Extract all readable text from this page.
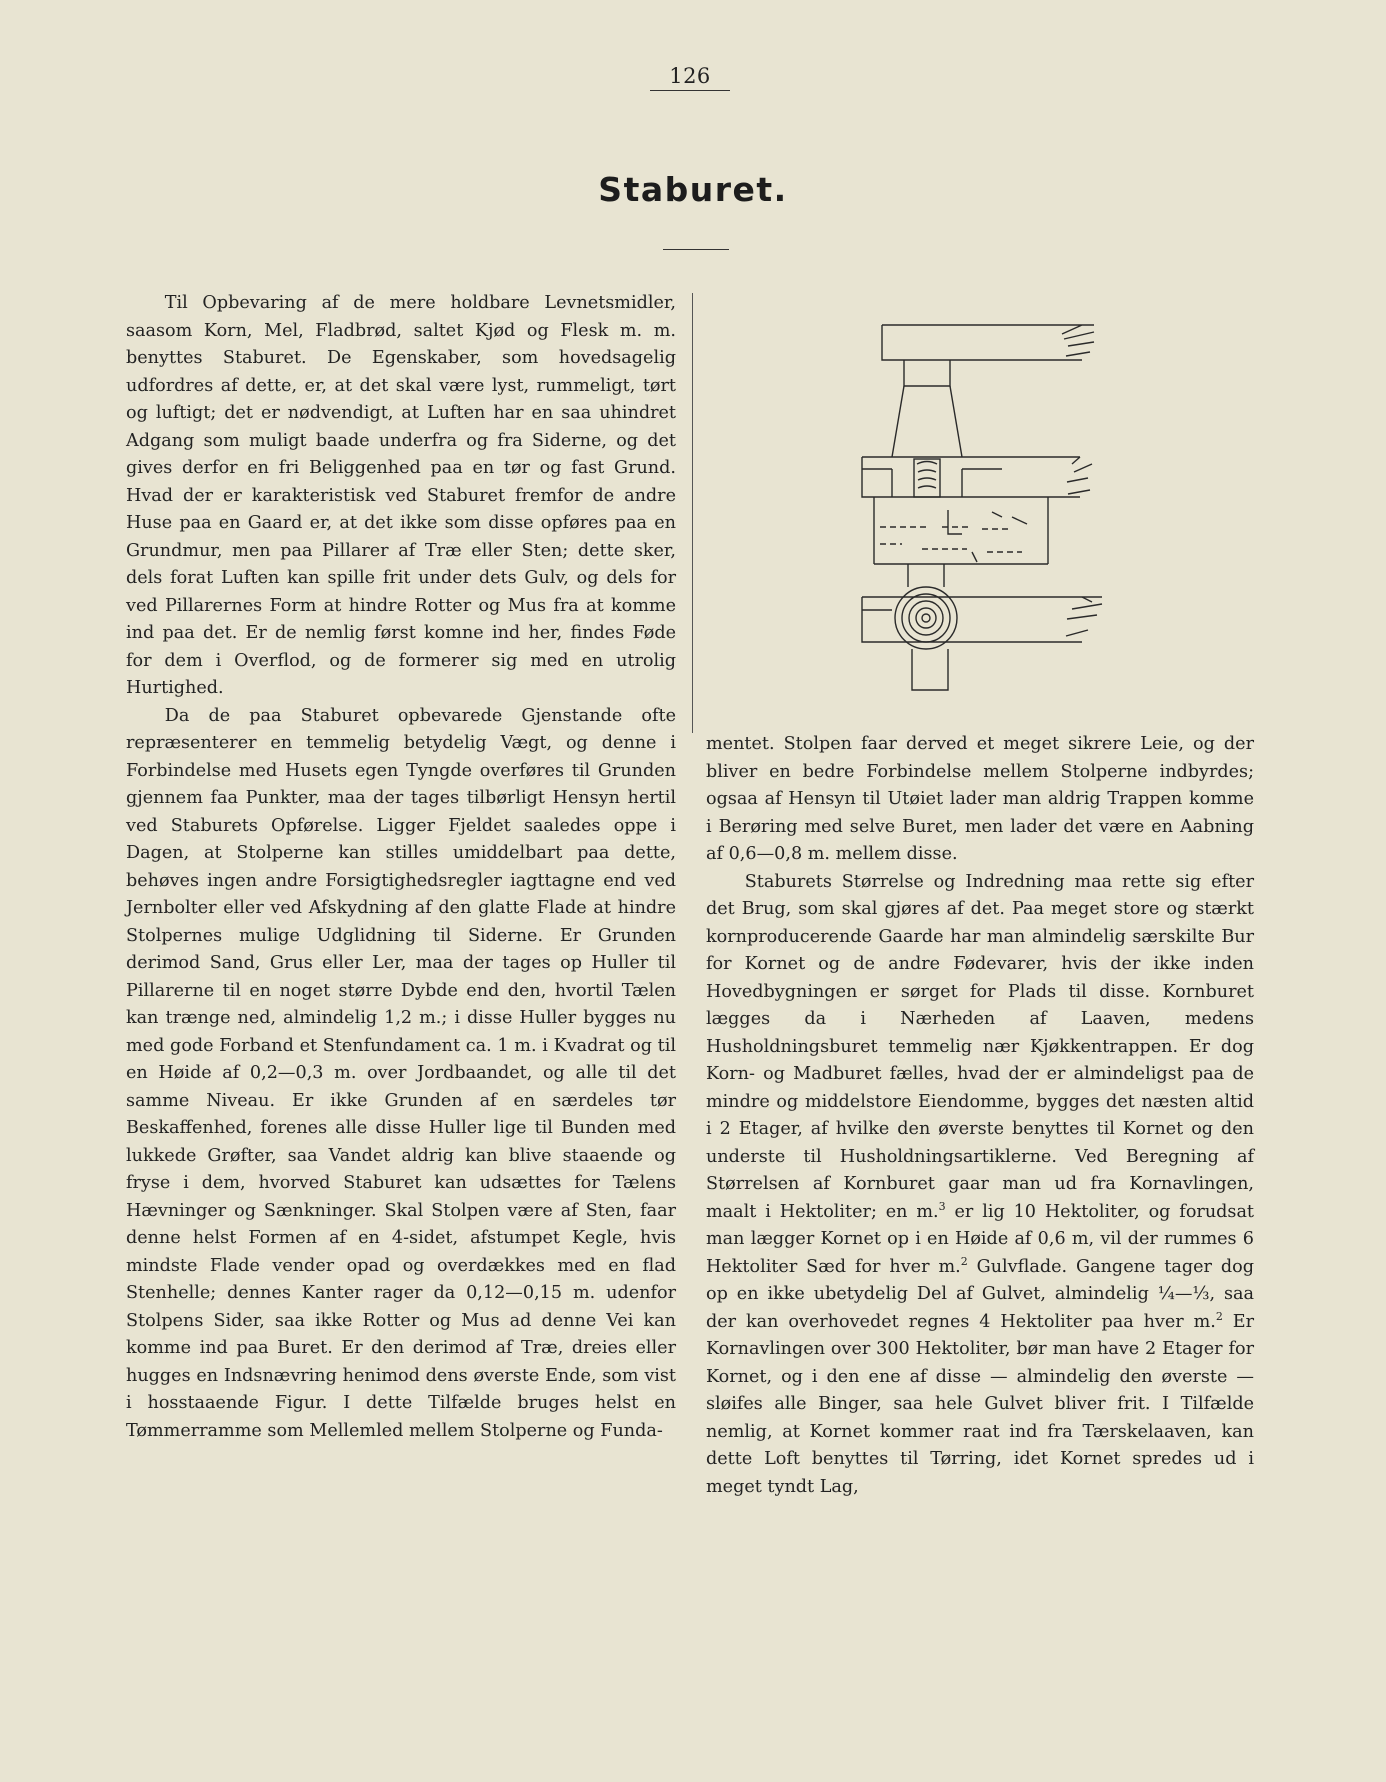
126
Staburet.

Til Opbevaring af de mere holdbare Levnetsmidler, saasom Korn, Mel, Fladbrød, saltet Kjød og Flesk m. m. benyttes Staburet. De Egenskaber, som hovedsagelig udfordres af dette, er, at det skal være lyst, rummeligt, tørt og luftigt; det er nødvendigt, at Luften har en saa uhindret Adgang som muligt baade underfra og fra Siderne, og det gives derfor en fri Beliggenhed paa en tør og fast Grund. Hvad der er karakteristisk ved Staburet fremfor de andre Huse paa en Gaard er, at det ikke som disse opføres paa en Grundmur, men paa Pillarer af Træ eller Sten; dette sker, dels forat Luften kan spille frit under dets Gulv, og dels for ved Pillarernes Form at hindre Rotter og Mus fra at komme ind paa det. Er de nemlig først komne ind her, findes Føde for dem i Overflod, og de formerer sig med en utrolig Hurtighed.

Da de paa Staburet opbevarede Gjenstande ofte repræsenterer en temmelig betydelig Vægt, og denne i Forbindelse med Husets egen Tyngde overføres til Grunden gjennem faa Punkter, maa der tages tilbørligt Hensyn hertil ved Staburets Opførelse. Ligger Fjeldet saaledes oppe i Dagen, at Stolperne kan stilles umiddelbart paa dette, behøves ingen andre Forsigtighedsregler iagttagne end ved Jernbolter eller ved Afskydning af den glatte Flade at hindre Stolpernes mulige Udglidning til Siderne. Er Grunden derimod Sand, Grus eller Ler, maa der tages op Huller til Pillarerne til en noget større Dybde end den, hvortil Tælen kan trænge ned, almindelig 1,2 m.; i disse Huller bygges nu med gode Forband et Stenfundament ca. 1 m. i Kvadrat og til en Høide af 0,2—0,3 m. over Jordbaandet, og alle til det samme Niveau. Er ikke Grunden af en særdeles tør Beskaffenhed, forenes alle disse Huller lige til Bunden med lukkede Grøfter, saa Vandet aldrig kan blive staaende og fryse i dem, hvorved Staburet kan udsættes for Tælens Hævninger og Sænkninger. Skal Stolpen være af Sten, faar denne helst Formen af en 4-sidet, afstumpet Kegle, hvis mindste Flade vender opad og overdækkes med en flad Stenhelle; dennes Kanter rager da 0,12—0,15 m. udenfor Stolpens Sider, saa ikke Rotter og Mus ad denne Vei kan komme ind paa Buret. Er den derimod af Træ, dreies eller hugges en Indsnævring henimod dens øverste Ende, som vist i hosstaaende Figur. I dette Tilfælde bruges helst en Tømmerramme som Mellemled mellem Stolperne og Funda-

mentet. Stolpen faar derved et meget sikrere Leie, og der bliver en bedre Forbindelse mellem Stolperne indbyrdes; ogsaa af Hensyn til Utøiet lader man aldrig Trappen komme i Berøring med selve Buret, men lader det være en Aabning af 0,6—0,8 m. mellem disse.

Staburets Størrelse og Indredning maa rette sig efter det Brug, som skal gjøres af det. Paa meget store og stærkt kornproducerende Gaarde har man almindelig særskilte Bur for Kornet og de andre Fødevarer, hvis der ikke inden Hovedbygningen er sørget for Plads til disse. Kornburet lægges da i Nærheden af Laaven, medens Husholdningsburet temmelig nær Kjøkkentrappen. Er dog Korn- og Madburet fælles, hvad der er almindeligst paa de mindre og middelstore Eiendomme, bygges det næsten altid i 2 Etager, af hvilke den øverste benyttes til Kornet og den underste til Husholdningsartiklerne. Ved Beregning af Størrelsen af Kornburet gaar man ud fra Kornavlingen, maalt i Hektoliter; en m.$^3$ er lig 10 Hektoliter, og forudsat man lægger Kornet op i en Høide af 0,6 m, vil der rummes 6 Hektoliter Sæd for hver m.$^2$ Gulvflade. Gangene tager dog op en ikke ubetydelig Del af Gulvet, almindelig ¼—⅓, saa der kan overhovedet regnes 4 Hektoliter paa hver m.$^2$ Er Kornavlingen over 300 Hektoliter, bør man have 2 Etager for Kornet, og i den ene af disse — almindelig den øverste — sløifes alle Binger, saa hele Gulvet bliver frit. I Tilfælde nemlig, at Kornet kommer raat ind fra Tærskelaaven, kan dette Loft benyttes til Tørring, idet Kornet spredes ud i meget tyndt Lag,
